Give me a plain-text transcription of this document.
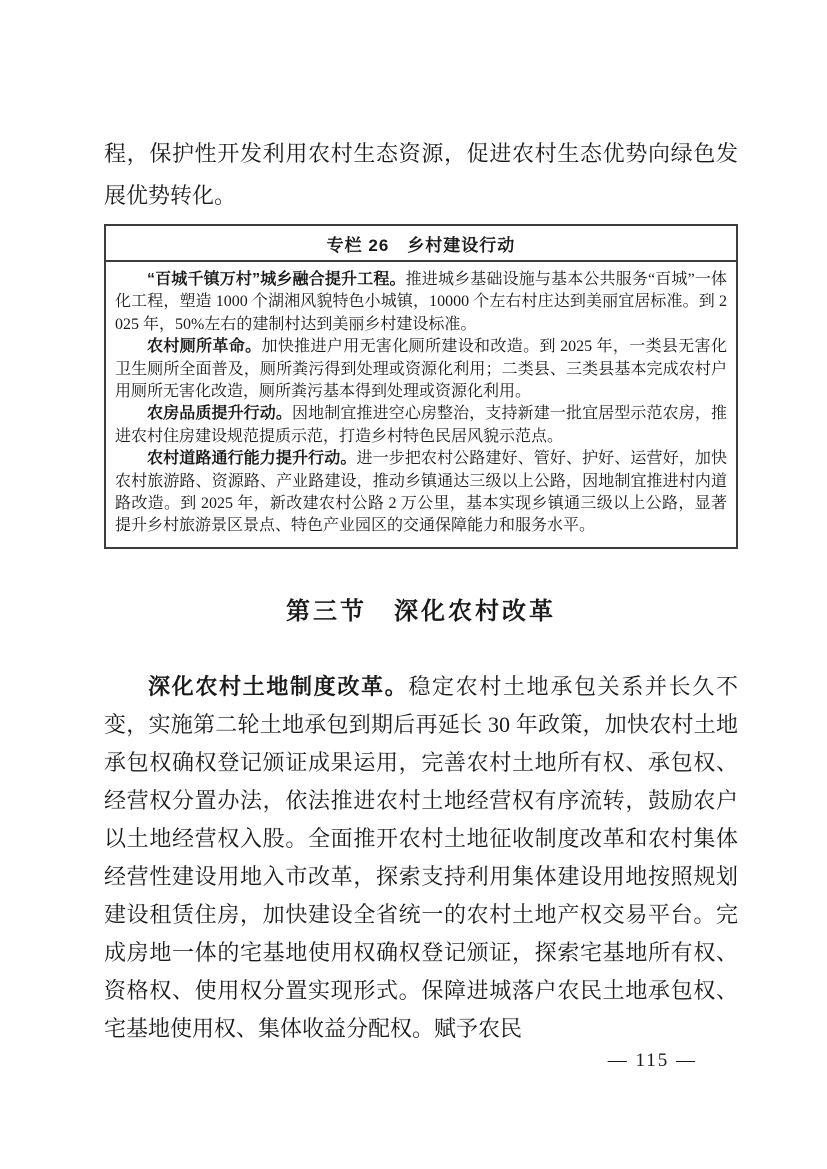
程，保护性开发利用农村生态资源，促进农村生态优势向绿色发展优势转化。

专栏 26　乡村建设行动

“百城千镇万村”城乡融合提升工程。推进城乡基础设施与基本公共服务“百城”一体化工程，塑造 1000 个湖湘风貌特色小城镇，10000 个左右村庄达到美丽宜居标准。到 2025 年，50%左右的建制村达到美丽乡村建设标准。

农村厕所革命。加快推进户用无害化厕所建设和改造。到 2025 年，一类县无害化卫生厕所全面普及，厕所粪污得到处理或资源化利用；二类县、三类县基本完成农村户用厕所无害化改造，厕所粪污基本得到处理或资源化利用。

农房品质提升行动。因地制宜推进空心房整治，支持新建一批宜居型示范农房，推进农村住房建设规范提质示范，打造乡村特色民居风貌示范点。

农村道路通行能力提升行动。进一步把农村公路建好、管好、护好、运营好，加快农村旅游路、资源路、产业路建设，推动乡镇通达三级以上公路，因地制宜推进村内道路改造。到 2025 年，新改建农村公路 2 万公里，基本实现乡镇通三级以上公路，显著提升乡村旅游景区景点、特色产业园区的交通保障能力和服务水平。

第三节　深化农村改革

深化农村土地制度改革。稳定农村土地承包关系并长久不变，实施第二轮土地承包到期后再延长 30 年政策，加快农村土地承包权确权登记颁证成果运用，完善农村土地所有权、承包权、经营权分置办法，依法推进农村土地经营权有序流转，鼓励农户以土地经营权入股。全面推开农村土地征收制度改革和农村集体经营性建设用地入市改革，探索支持利用集体建设用地按照规划建设租赁住房，加快建设全省统一的农村土地产权交易平台。完成房地一体的宅基地使用权确权登记颁证，探索宅基地所有权、资格权、使用权分置实现形式。保障进城落户农民土地承包权、宅基地使用权、集体收益分配权。赋予农民

— 115 —
